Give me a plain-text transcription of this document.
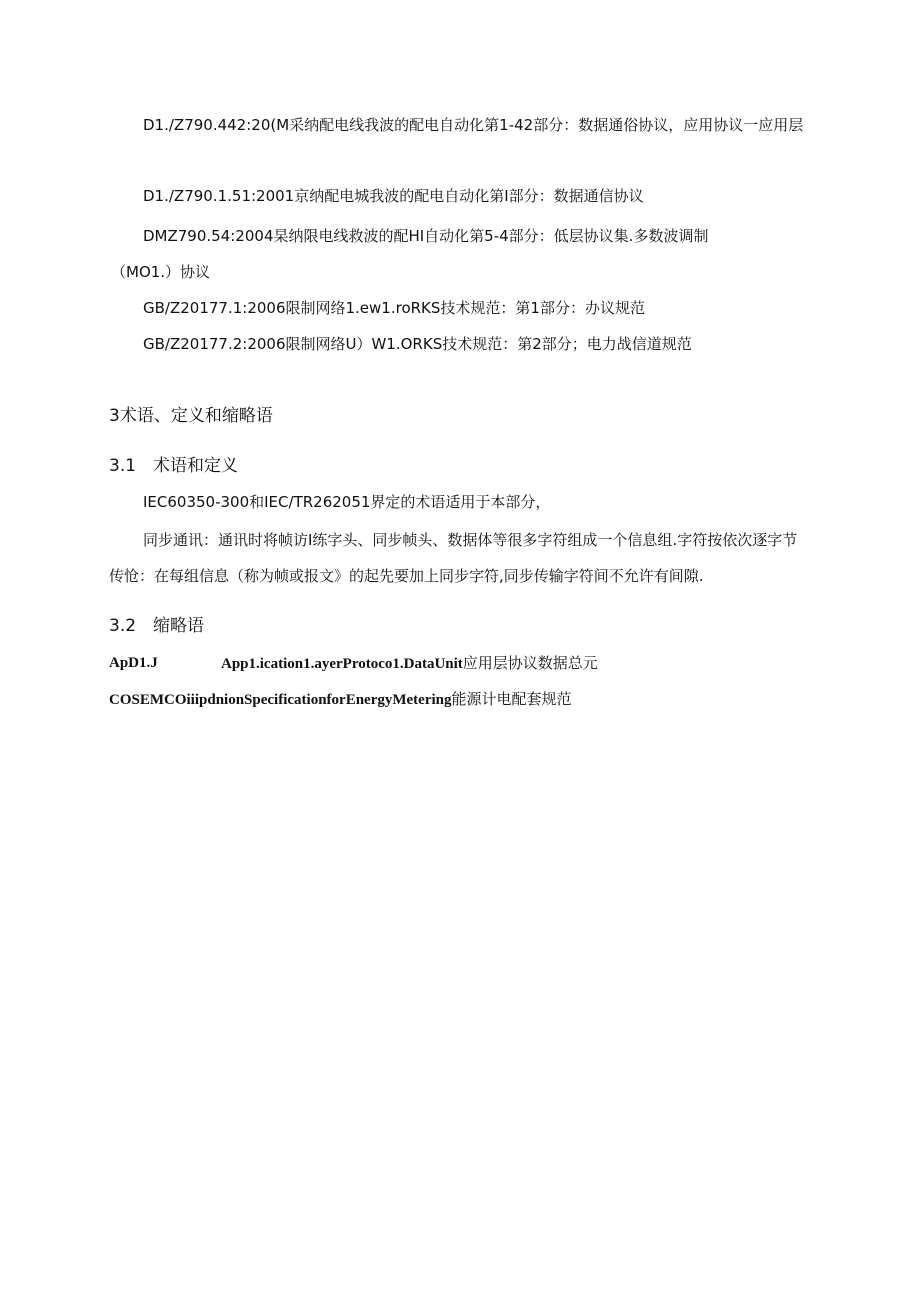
D1./Z790.442:20(M采纳配电线我波的配电自动化第1-42部分：数据通俗协议，应用协议一应用层
D1./Z790.1.51:2001京纳配电城我波的配电自动化第I部分：数据通信协议
DMZ790.54:2004杲纳限电线救波的配HI自动化第5-4部分：低层协议集.多数波调制
（MO1.）协议
GB/Z20177.1:2006限制网络1.ew1.roRKS技术规范：第1部分：办议规范
GB/Z20177.2:2006限制网络U）W1.ORKS技术规范：第2部分；电力战信道规范
3术语、定义和缩略语
3.1　术语和定义
IEC60350-300和IEC/TR262051界定的术语适用于本部分，
同步通讯：通讯时将帧访I练字头、同步帧头、数据体等很多字符组成一个信息组.字符按依次逐字节
传怆：在每组信息（称为帧或报文》的起先要加上同步字符,同步传输字符间不允许有间隙.
3.2　缩略语
ApD1.J	App1.ication1.ayerProtoco1.DataUnit应用层协议数据总元
COSEMCOiiipdnionSpecificationforEnergyMetering能源计电配套规范
